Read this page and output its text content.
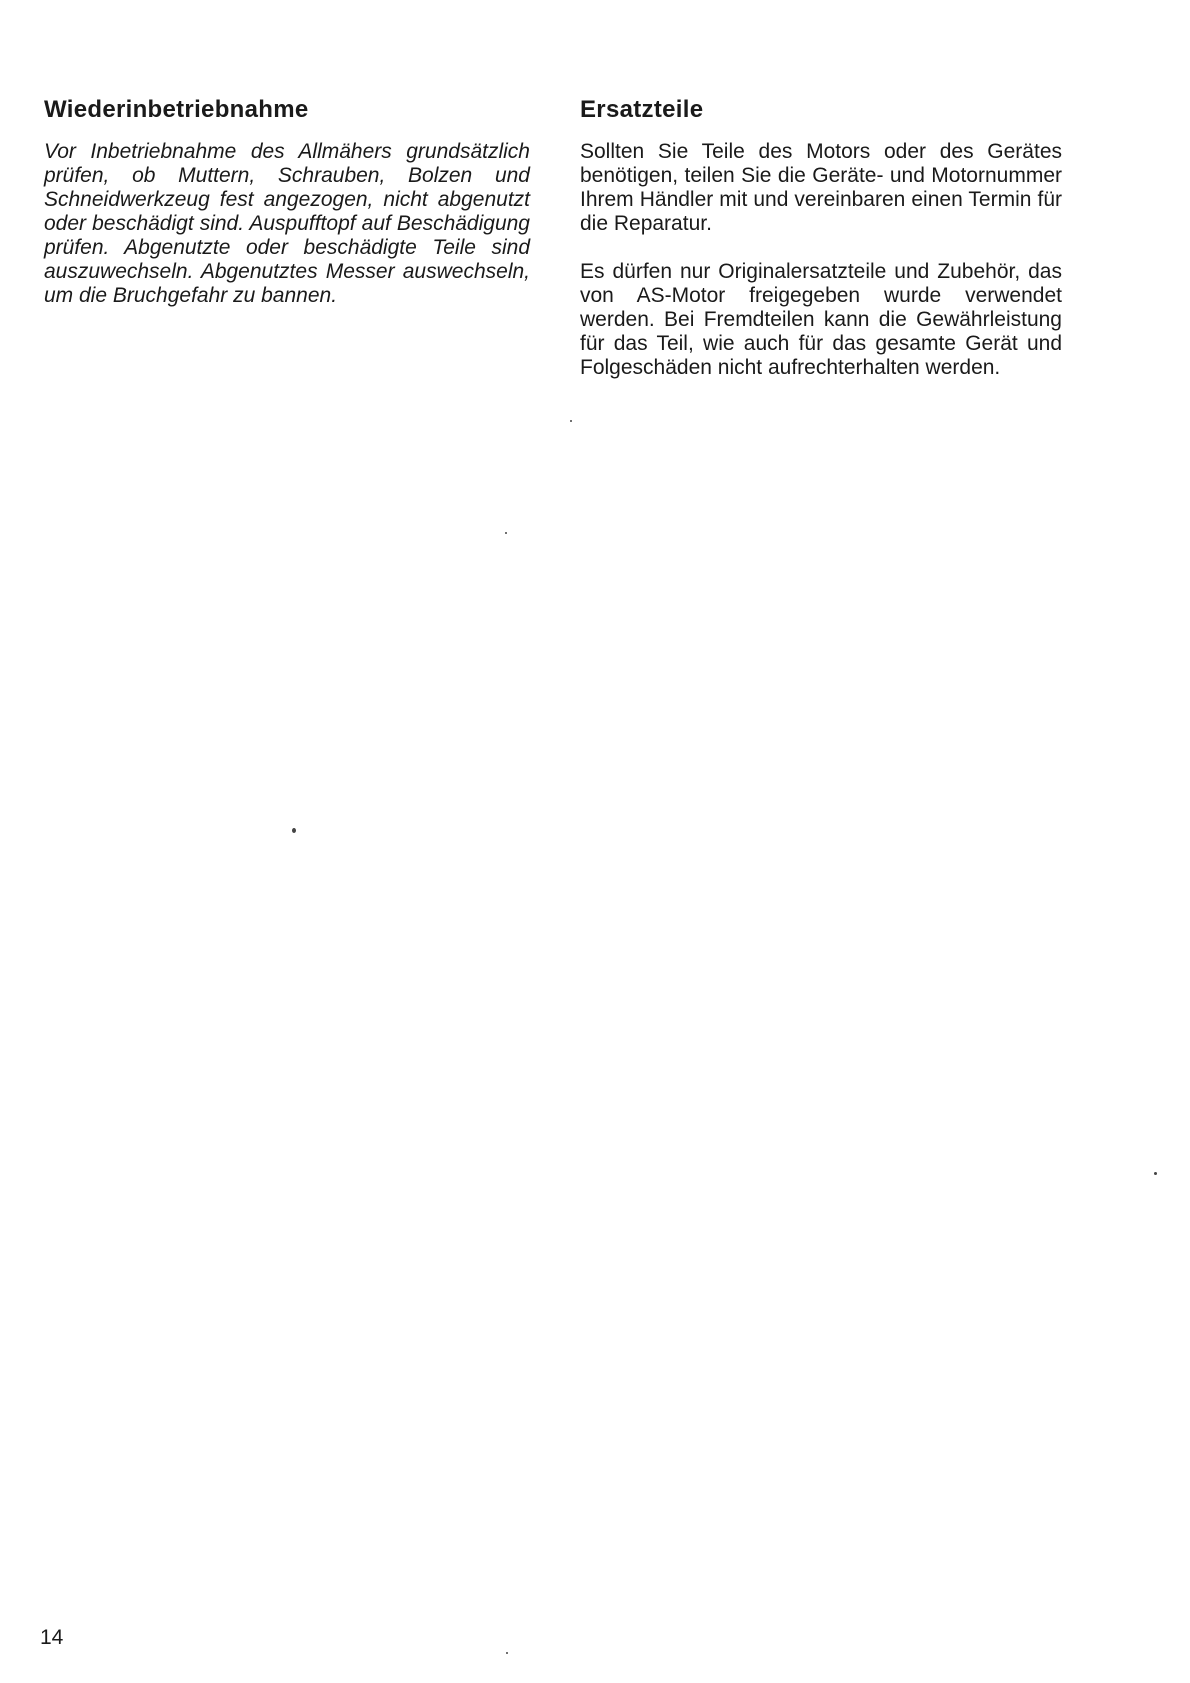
Wiederinbetriebnahme

Vor Inbetriebnahme des Allmähers grundsätzlich prüfen, ob Muttern, Schrauben, Bolzen und Schneidwerkzeug fest angezogen, nicht abgenutzt oder beschädigt sind. Auspufftopf auf Beschädigung prüfen. Abgenutzte oder beschädigte Teile sind auszuwechseln. Abgenutztes Messer auswechseln, um die Bruchgefahr zu bannen.

Ersatzteile

Sollten Sie Teile des Motors oder des Gerätes benötigen, teilen Sie die Geräte- und Motornummer Ihrem Händler mit und vereinbaren einen Termin für die Reparatur.

Es dürfen nur Originalersatzteile und Zubehör, das von AS-Motor freigegeben wurde verwendet werden. Bei Fremdteilen kann die Gewährleistung für das Teil, wie auch für das gesamte Gerät und Folgeschäden nicht aufrechterhalten werden.

14
